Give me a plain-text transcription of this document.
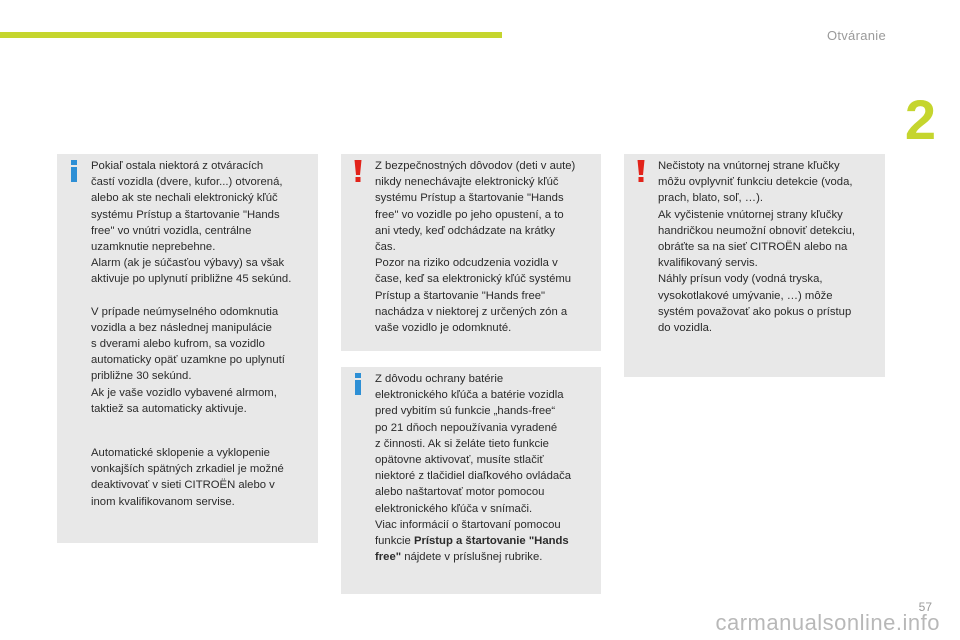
Otváranie
2

Pokiaľ ostala niektorá z otváracích
častí vozidla (dvere, kufor...) otvorená,
alebo ak ste nechali elektronický kľúč
systému Prístup a štartovanie "Hands
free" vo vnútri vozidla, centrálne
uzamknutie neprebehne.
Alarm (ak je súčasťou výbavy) sa však
aktivuje po uplynutí približne 45 sekúnd.

V prípade neúmyselného odomknutia
vozidla a bez následnej manipulácie
s dverami alebo kufrom, sa vozidlo
automaticky opäť uzamkne po uplynutí
približne 30 sekúnd.
Ak je vaše vozidlo vybavené alrmom,
taktiež sa automaticky aktivuje.

Automatické sklopenie a vyklopenie
vonkajších spätných zrkadiel je možné
deaktivovať v sieti CITROËN alebo v
inom kvalifikovanom servise.

Z bezpečnostných dôvodov (deti v aute)
nikdy nenechávajte elektronický kľúč
systému Prístup a štartovanie "Hands
free" vo vozidle po jeho opustení, a to
ani vtedy, keď odchádzate na krátky
čas.
Pozor na riziko odcudzenia vozidla v
čase, keď sa elektronický kľúč systému
Prístup a štartovanie "Hands free"
nachádza v niektorej z určených zón a
vaše vozidlo je odomknuté.

Z dôvodu ochrany batérie
elektronického kľúča a batérie vozidla
pred vybitím sú funkcie „hands-free“
po 21 dňoch nepoužívania vyradené
z činnosti. Ak si želáte tieto funkcie
opätovne aktivovať, musíte stlačiť
niektoré z tlačidiel diaľkového ovládača
alebo naštartovať motor pomocou
elektronického kľúča v snímači.
Viac informácií o štartovaní pomocou
funkcie Prístup a štartovanie "Hands
free" nájdete v príslušnej rubrike.

Nečistoty na vnútornej strane kľučky
môžu ovplyvniť funkciu detekcie (voda,
prach, blato, soľ, …).
Ak vyčistenie vnútornej strany kľučky
handričkou neumožní obnoviť detekciu,
obráťte sa na sieť CITROËN alebo na
kvalifikovaný servis.
Náhly prísun vody (vodná tryska,
vysokotlakové umývanie, …) môže
systém považovať ako pokus o prístup
do vozidla.

57
carmanualsonline.info
